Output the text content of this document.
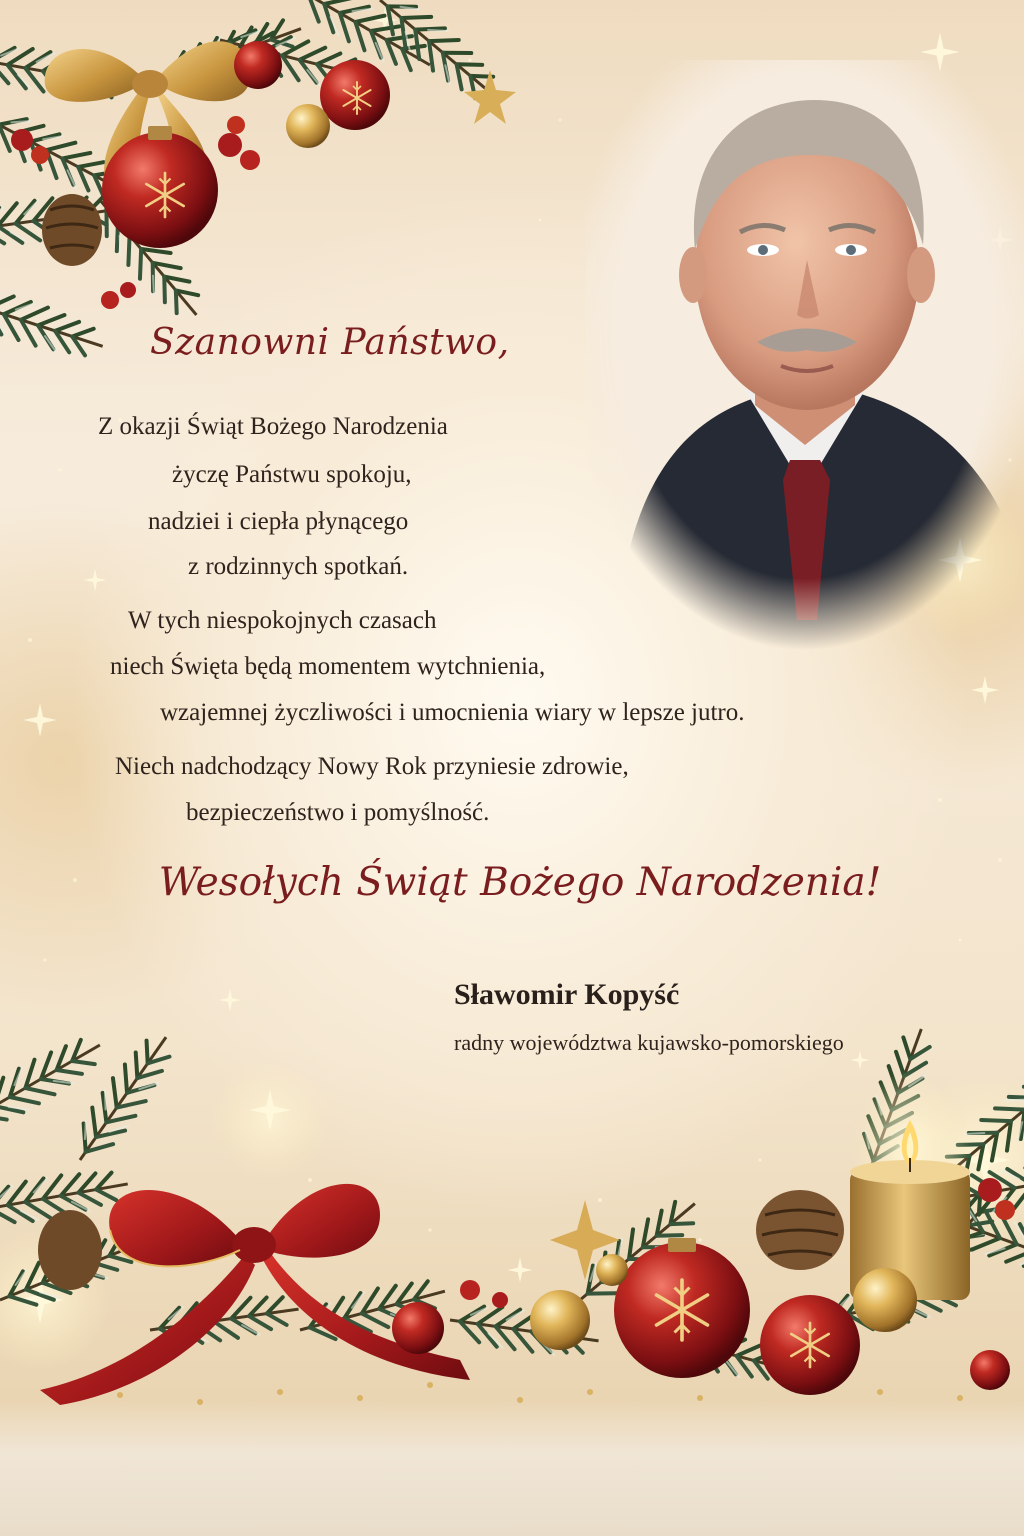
Szanowni Państwo,

Z okazji Świąt Bożego Narodzenia

życzę Państwu spokoju,

nadziei i ciepła płynącego

z rodzinnych spotkań.

W tych niespokojnych czasach

niech Święta będą momentem wytchnienia,

wzajemnej życzliwości i umocnienia wiary w lepsze jutro.

Niech nadchodzący Nowy Rok przyniesie zdrowie,

bezpieczeństwo i pomyślność.

Wesołych Świąt Bożego Narodzenia!

Sławomir Kopyść

radny województwa kujawsko-pomorskiego
